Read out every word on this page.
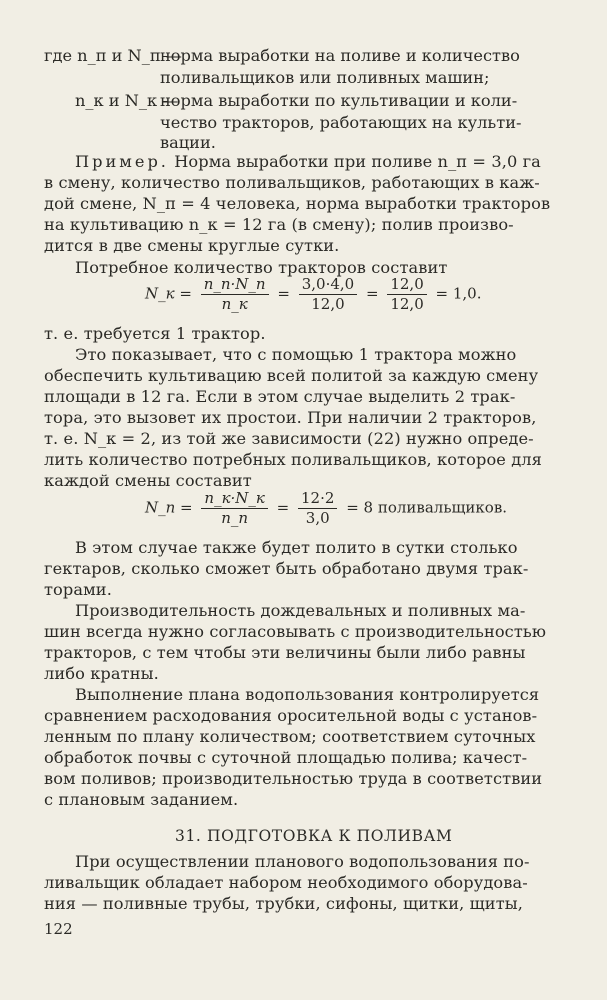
где n_п и N_п —
норма выработки на поливе и количество
поливальщиков или поливных машин;
n_к и N_к —
норма выработки по культивации и коли-
чество тракторов, работающих на культи-
вации.
Пример. Норма выработки при поливе n_п = 3,0 га
в смену, количество поливальщиков, работающих в каж-
дой смене, N_п = 4 человека, норма выработки тракторов
на культивацию n_к = 12 га (в смену); полив произво-
дится в две смены круглые сутки.
Потребное количество тракторов составит
N_к = $\frac{n\_п\cdot N\_п}{n\_к} = \frac{3,0\cdot 4,0}{12,0} = \frac{12,0}{12,0} = 1,0$.
т. е. требуется 1 трактор.
Это показывает, что с помощью 1 трактора можно
обеспечить культивацию всей политой за каждую смену
площади в 12 га. Если в этом случае выделить 2 трак-
тора, это вызовет их простои. При наличии 2 тракторов,
т. е. N_к = 2, из той же зависимости (22) нужно опреде-
лить количество потребных поливальщиков, которое для
каждой смены составит
N_п = $\frac{n\_к\cdot N\_к}{n\_п} = \frac{12\cdot 2}{3,0} = 8$ поливальщиков.
В этом случае также будет полито в сутки столько
гектаров, сколько сможет быть обработано двумя трак-
торами.
Производительность дождевальных и поливных ма-
шин всегда нужно согласовывать с производительностью
тракторов, с тем чтобы эти величины были либо равны
либо кратны.
Выполнение плана водопользования контролируется
сравнением расходования оросительной воды с установ-
ленным по плану количеством; соответствием суточных
обработок почвы с суточной площадью полива; качест-
вом поливов; производительностью труда в соответствии
с плановым заданием.
31. ПОДГОТОВКА К ПОЛИВАМ
При осуществлении планового водопользования по-
ливальщик обладает набором необходимого оборудова-
ния — поливные трубы, трубки, сифоны, щитки, щиты,
122
